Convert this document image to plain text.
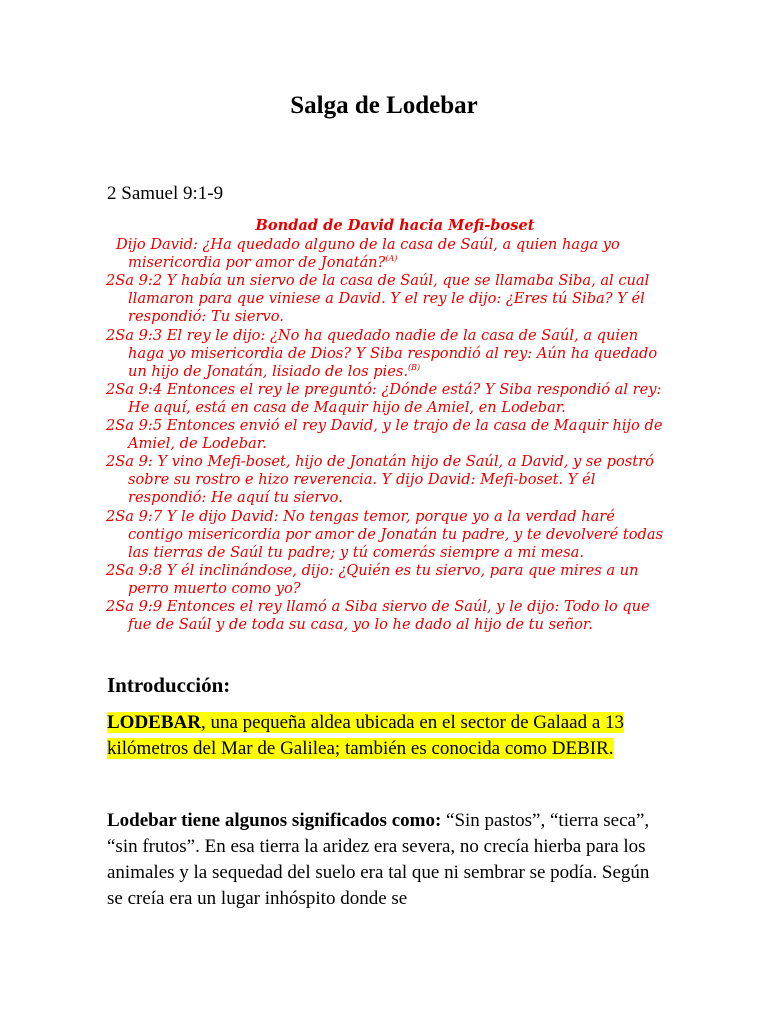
Salga de Lodebar
2 Samuel 9:1-9
Bondad de David hacia Mefi-boset

Dijo David: ¿Ha quedado alguno de la casa de Saúl, a quien haga yo misericordia por amor de Jonatán?$^{(A)}$

2Sa 9:2 Y había un siervo de la casa de Saúl, que se llamaba Siba, al cual llamaron para que viniese a David. Y el rey le dijo: ¿Eres tú Siba? Y él respondió: Tu siervo.

2Sa 9:3 El rey le dijo: ¿No ha quedado nadie de la casa de Saúl, a quien haga yo misericordia de Dios? Y Siba respondió al rey: Aún ha quedado un hijo de Jonatán, lisiado de los pies.$^{(B)}$

2Sa 9:4 Entonces el rey le preguntó: ¿Dónde está? Y Siba respondió al rey: He aquí, está en casa de Maquir hijo de Amiel, en Lodebar.

2Sa 9:5 Entonces envió el rey David, y le trajo de la casa de Maquir hijo de Amiel, de Lodebar.

2Sa 9: Y vino Mefi-boset, hijo de Jonatán hijo de Saúl, a David, y se postró sobre su rostro e hizo reverencia. Y dijo David: Mefi-boset. Y él respondió: He aquí tu siervo.

2Sa 9:7 Y le dijo David: No tengas temor, porque yo a la verdad haré contigo misericordia por amor de Jonatán tu padre, y te devolveré todas las tierras de Saúl tu padre; y tú comerás siempre a mi mesa.

2Sa 9:8 Y él inclinándose, dijo: ¿Quién es tu siervo, para que mires a un perro muerto como yo?

2Sa 9:9 Entonces el rey llamó a Siba siervo de Saúl, y le dijo: Todo lo que fue de Saúl y de toda su casa, yo lo he dado al hijo de tu señor.

Introducción:

LODEBAR, una pequeña aldea ubicada en el sector de Galaad a 13 kilómetros del Mar de Galilea; también es conocida como DEBIR.

Lodebar tiene algunos significados como: “Sin pastos”, “tierra seca”, “sin frutos”. En esa tierra la aridez era severa, no crecía hierba para los animales y la sequedad del suelo era tal que ni sembrar se podía. Según se creía era un lugar inhóspito donde se
